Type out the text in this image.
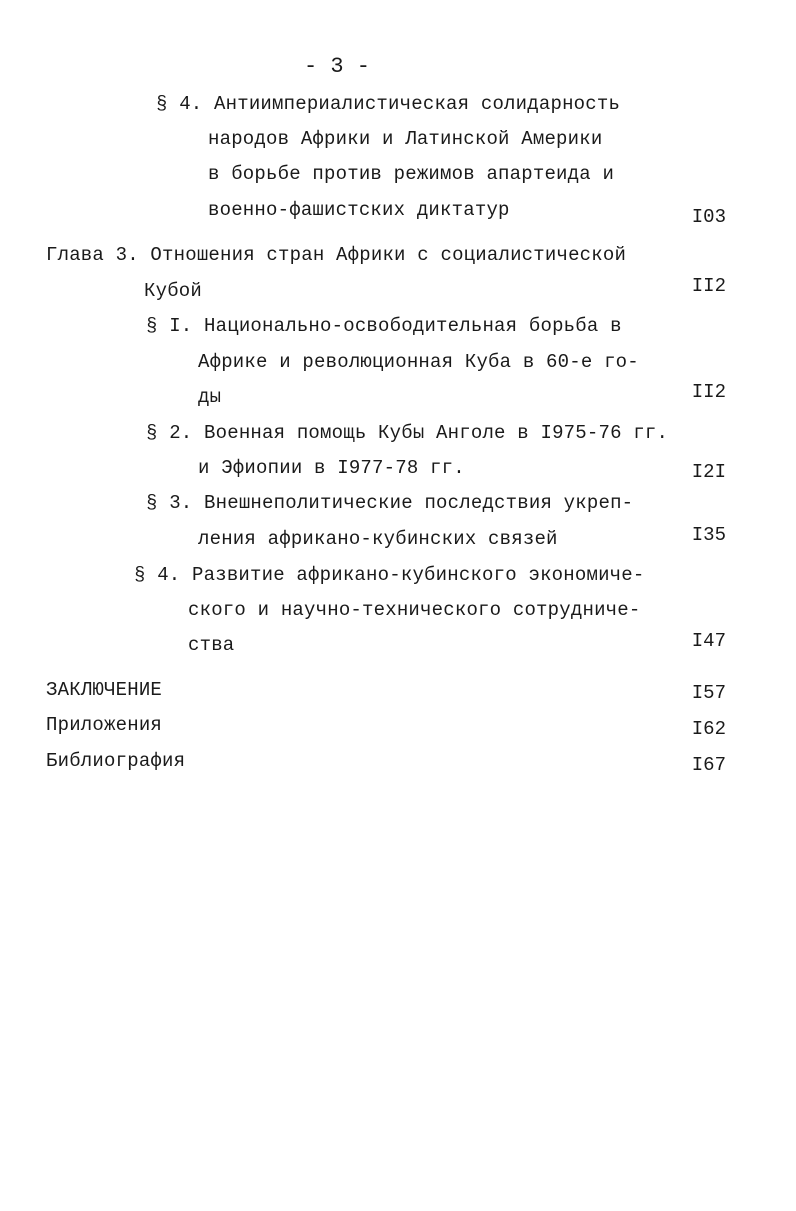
- 3 -
§ 4. Антиимпериалистическая солидарность
народов Африки и Латинской Америки
в борьбе против режимов апартеида и
военно-фашистских диктатур	I03
Глава 3. Отношения стран Африки с социалистической
Кубой	II2
§ I. Национально-освободительная борьба в
Африке и революционная Куба в 60-е го-
ды	II2
§ 2. Военная помощь Кубы Анголе в I975-76 гг.
и Эфиопии в I977-78 гг.	I2I
§ 3. Внешнеполитические последствия укреп-
ления африкано-кубинских связей	I35
§ 4. Развитие африкано-кубинского экономиче-
ского и научно-технического сотрудниче-
ства	I47
ЗАКЛЮЧЕНИЕ	I57
Приложения	I62
Библиография	I67
